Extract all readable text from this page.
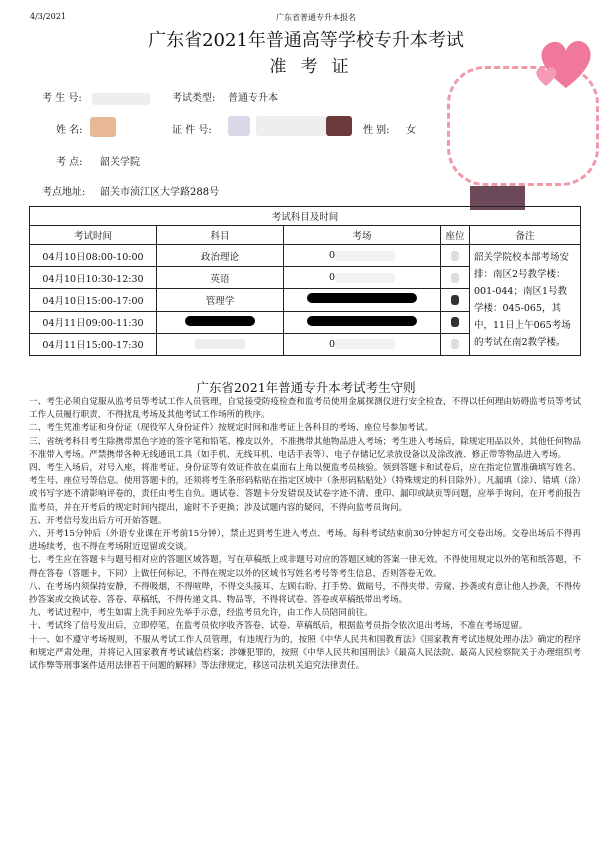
4/3/2021	广东省普通专升本报名
广东省2021年普通高等学校专升本考试
准考证
考 生 号:	考试类型: 普通专升本
姓 名:	证 件 号:	性 别: 女
考 点: 韶关学院
考点地址: 韶关市浈江区大学路288号
考试科目及时间				
考试时间	科目	考场	座位	备注
04月10日08:00-10:00	政治理论	0		韶关学院校本部考场安排：南区2号教学楼：001-044；南区1号教学楼：045-065，其中，11日上午065考场的考试在南2教学楼。
04月10日10:30-12:30	英语	0		
04月10日15:00-17:00	管理学			
04月11日09:00-11:30				
04月11日15:00-17:30		0		
广东省2021年普通专升本考试考生守则

一、考生必须自觉服从监考员等考试工作人员管理，自觉接受防疫检查和监考员使用金属探测仪进行安全检查，不得以任何理由妨碍监考员等考试工作人员履行职责，不得扰乱考场及其他考试工作场所的秩序。

二、考生凭准考证和身份证（现役军人身份证件）按规定时间和准考证上各科目的考场、座位号参加考试。

三、省统考科目考生除携带黑色字迹的签字笔和铅笔、橡皮以外，不准携带其他物品进入考场；考生进入考场后，除规定用品以外，其他任何物品不准带入考场。严禁携带各种无线通讯工具（如手机、无线耳机、电话手表等）、电子存储记忆录放设备以及涂改液、修正带等物品进入考场。

四、考生入场后，对号入座，将准考证、身份证等有效证件放在桌面右上角以便监考员核验。领到答题卡和试卷后，应在指定位置准确填写姓名、考生号、座位号等信息。使用答题卡的，还须将考生条形码粘贴在指定区域中（条形码粘贴处）（特殊规定的科目除外）。凡漏填（涂）、错填（涂）或书写字迹不清影响评卷的，责任由考生自负。遇试卷、答题卡分发错误及试卷字迹不清、重印、漏印或缺页等问题，应举手询问，在开考前报告监考员，并在开考后的规定时间内提出，逾时不予更换；涉及试题内容的疑问，不得向监考员询问。

五、开考信号发出后方可开始答题。

六、开考15分钟后（外语专业课在开考前15分钟），禁止迟到考生进入考点、考场。每科考试结束前30分钟起方可交卷出场。交卷出场后不得再进场续考，也不得在考场附近逗留或交谈。

七、考生应在答题卡与题号相对应的答题区域答题，写在草稿纸上或非题号对应的答题区域的答案一律无效。不得使用规定以外的笔和纸答题，不得在答卷（答题卡，下同）上做任何标记，不得在规定以外的区域书写姓名考号等考生信息，否则答卷无效。

八、在考场内须保持安静，不得吸烟，不得喧哗，不得交头接耳、左顾右盼、打手势、做暗号，不得夹带、旁窥、抄袭或有意让他人抄袭，不得传抄答案或交换试卷、答卷、草稿纸，不得传递文具、物品等，不得将试卷、答卷或草稿纸带出考场。

九、考试过程中，考生如需上洗手间应先举手示意，经监考员允许，由工作人员陪同前往。

十、考试终了信号发出后，立即停笔，在监考员依序收齐答卷、试卷、草稿纸后，根据监考员指令依次退出考场，不准在考场逗留。

十一、如不遵守考场规则，不服从考试工作人员管理，有违规行为的，按照《中华人民共和国教育法》《国家教育考试违规处理办法》确定的程序和规定严肃处理，并将记入国家教育考试诚信档案；涉嫌犯罪的，按照《中华人民共和国刑法》《最高人民法院、最高人民检察院关于办理组织考试作弊等刑事案件适用法律若干问题的解释》等法律规定，移送司法机关追究法律责任。
